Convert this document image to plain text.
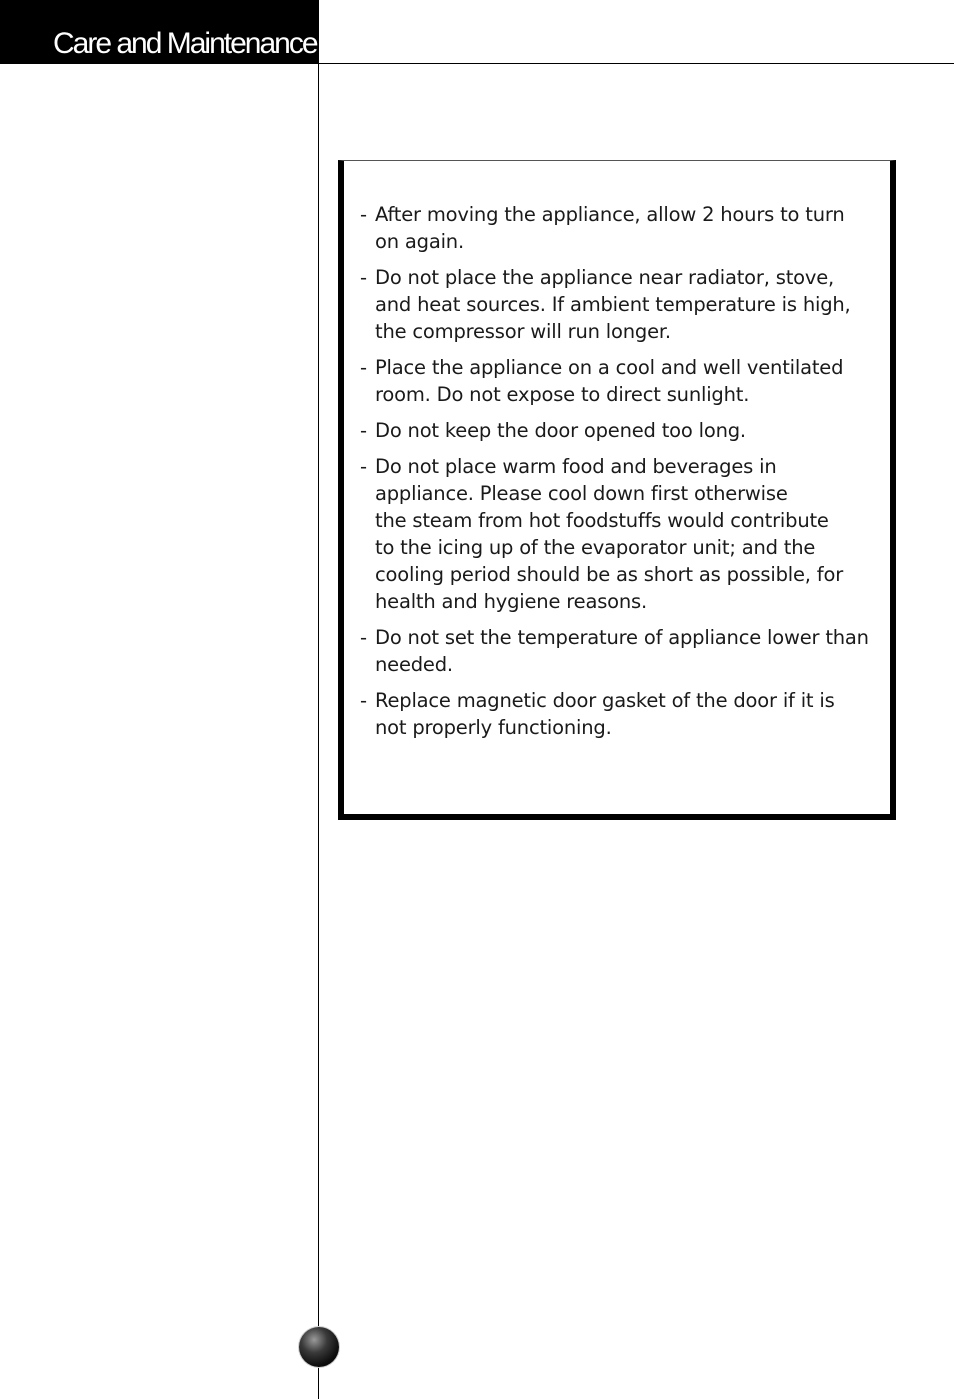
Care and Maintenance
- After moving the appliance, allow 2 hours to turn
on again.
- Do not place the appliance near radiator, stove,
and heat sources. If ambient temperature is high,
the compressor will run longer.
- Place the appliance on a cool and well ventilated
room. Do not expose to direct sunlight.
- Do not keep the door opened too long.
- Do not place warm food and beverages in
appliance. Please cool down first otherwise
the steam from hot foodstuffs would contribute
to the icing up of the evaporator unit; and the
cooling period should be as short as possible, for
health and hygiene reasons.
- Do not set the temperature of appliance lower than
needed.
- Replace magnetic door gasket of the door if it is
not properly functioning.
